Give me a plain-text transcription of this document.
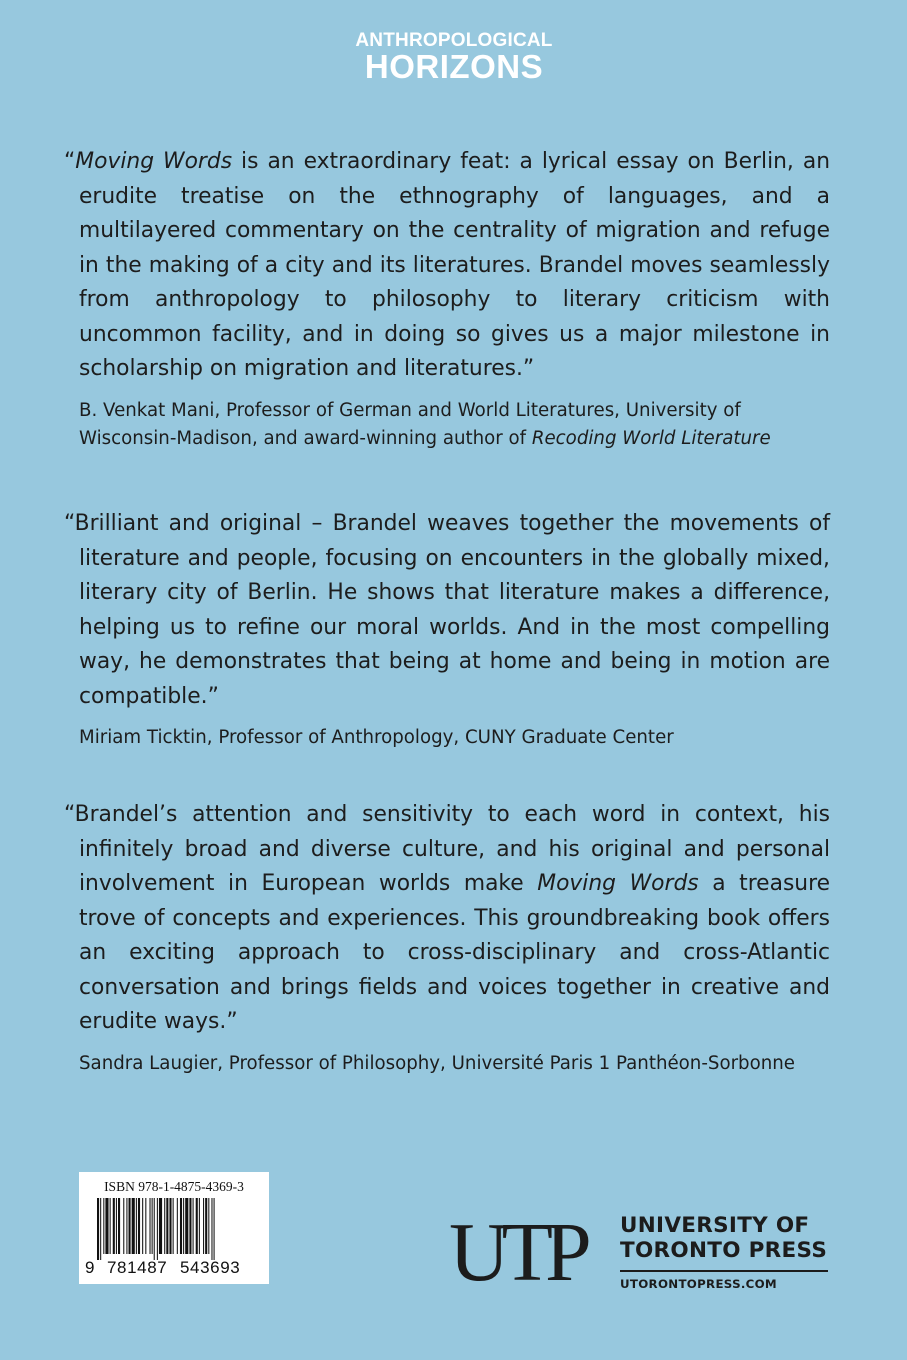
ANTHROPOLOGICAL
HORIZONS

“Moving Words is an extraordinary feat: a lyrical essay on Berlin, an erudite treatise on the ethnography of languages, and a multilayered commentary on the centrality of migration and refuge in the making of a city and its literatures. Brandel moves seamlessly from anthropology to philosophy to literary criticism with uncommon facility, and in doing so gives us a major milestone in scholarship on migration and literatures.”

B. Venkat Mani, Professor of German and World Literatures, University of Wisconsin-Madison, and award-winning author of Recoding World Literature

“Brilliant and original – Brandel weaves together the movements of literature and people, focusing on encounters in the globally mixed, literary city of Berlin. He shows that literature makes a difference, helping us to refine our moral worlds. And in the most compelling way, he demonstrates that being at home and being in motion are compatible.”

Miriam Ticktin, Professor of Anthropology, CUNY Graduate Center

“Brandel’s attention and sensitivity to each word in context, his infinitely broad and diverse culture, and his original and personal involvement in European worlds make Moving Words a treasure trove of concepts and experiences. This groundbreaking book offers an exciting approach to cross-disciplinary and cross-Atlantic conversation and brings fields and voices together in creative and erudite ways.”

Sandra Laugier, Professor of Philosophy, Université Paris 1 Panthéon-Sorbonne

ISBN 978-1-4875-4369-3
9 781487 543693 UTP UNIVERSITY OF
TORONTO PRESS
UTORONTOPRESS.COM
